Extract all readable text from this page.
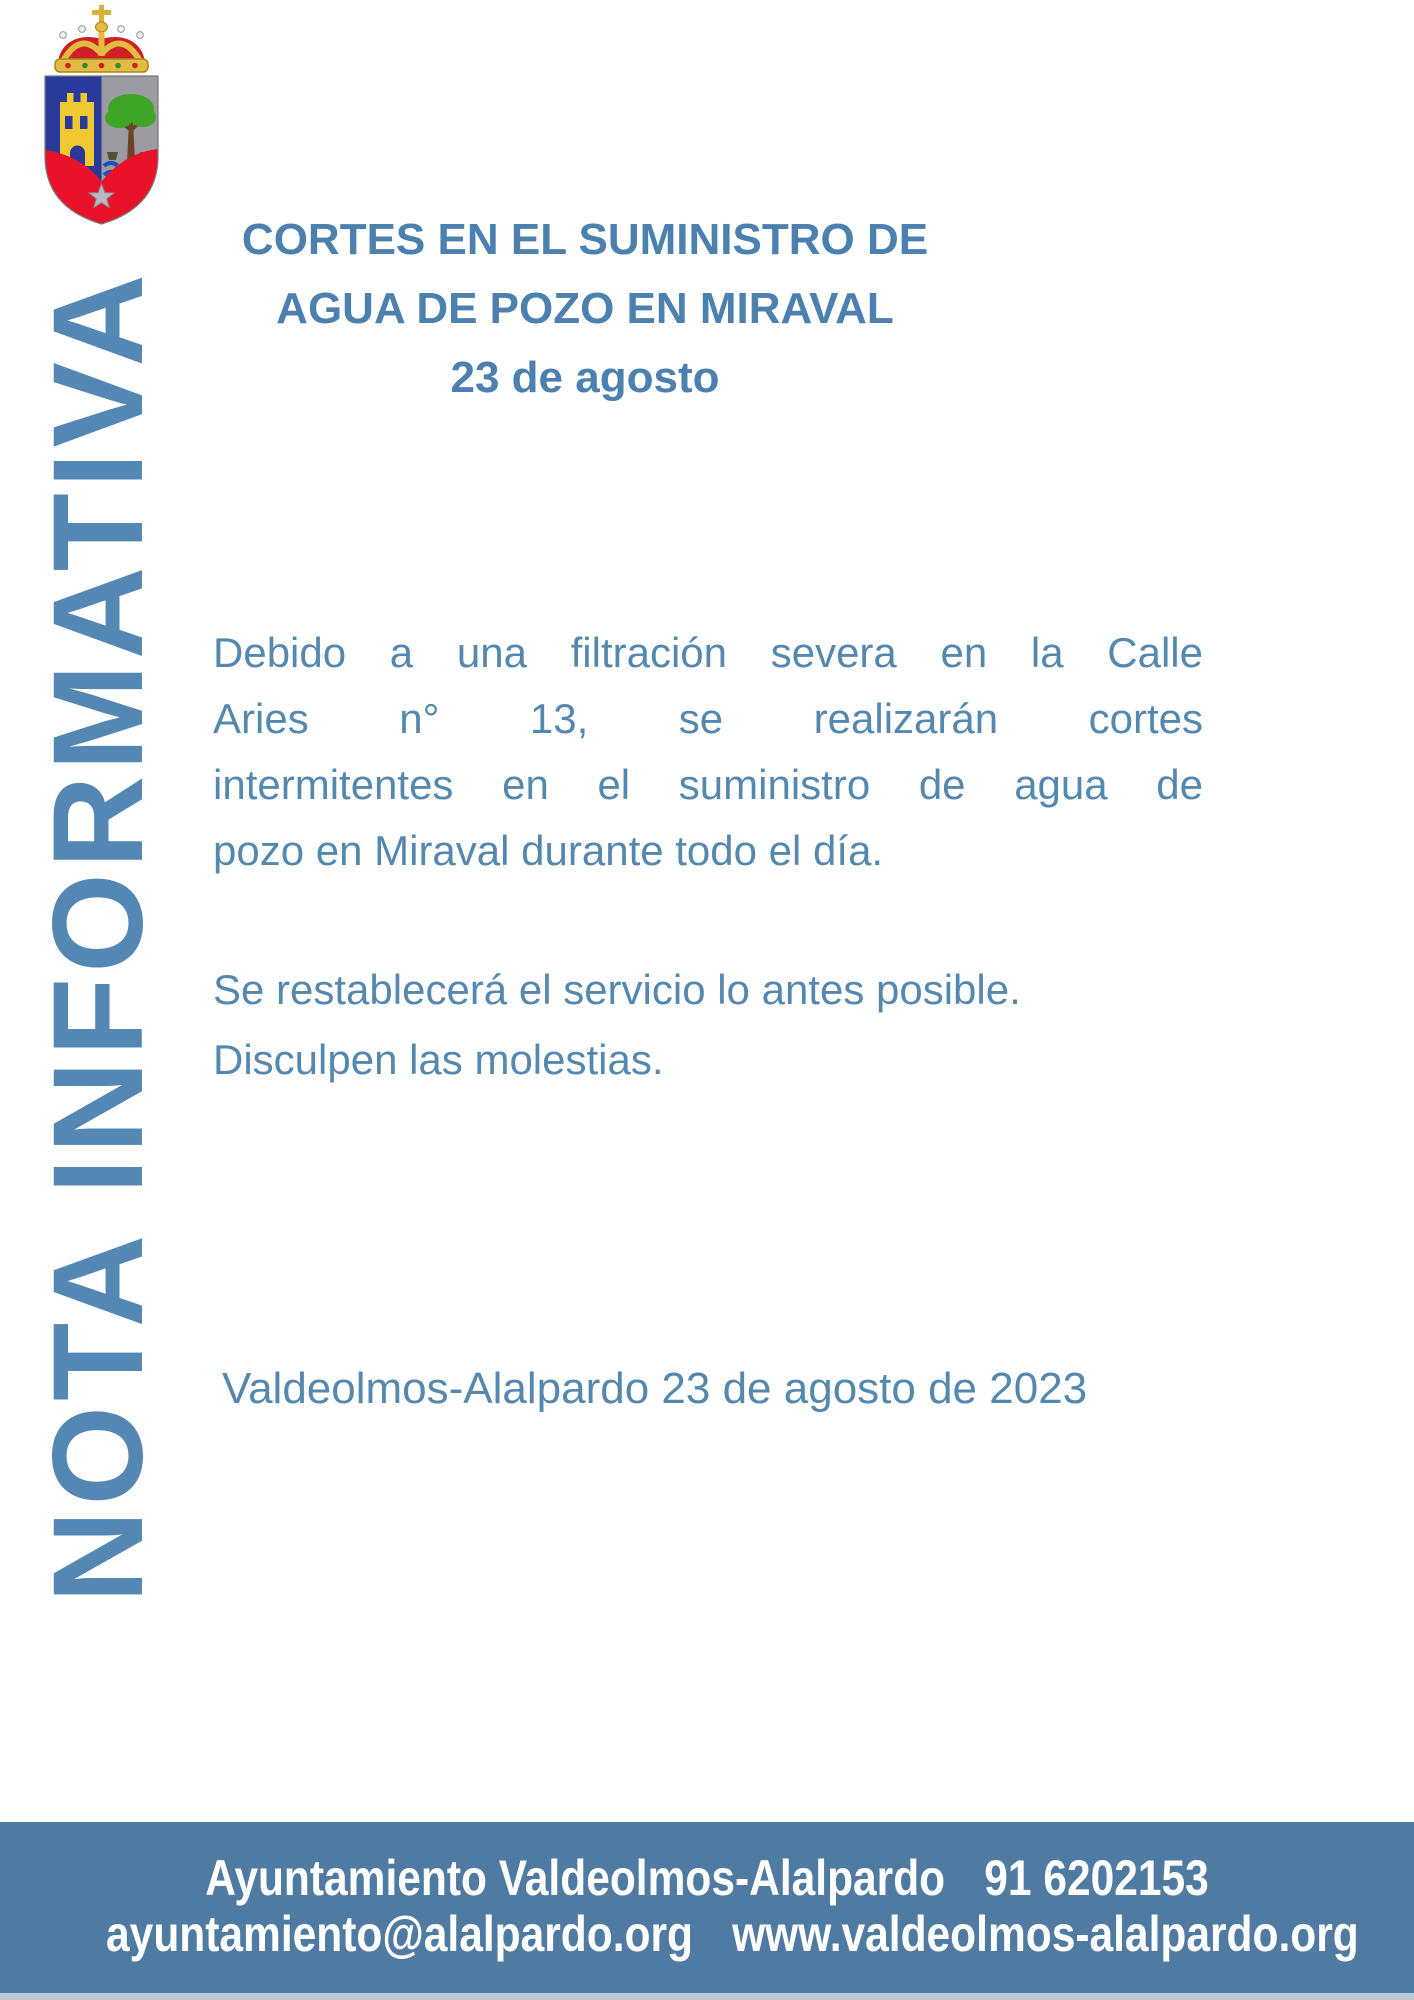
NOTA INFORMATIVA
CORTES EN EL SUMINISTRO DE
AGUA DE POZO EN MIRAVAL
23 de agosto
Debido a una filtración severa en la Calle
Aries n° 13, se realizarán cortes
intermitentes en el suministro de agua de
pozo en Miraval durante todo el día.
Se restablecerá el servicio lo antes posible.
Disculpen las molestias.
Valdeolmos-Alalpardo 23 de agosto de 2023
Ayuntamiento Valdeolmos-Alalpardo 91 6202153
ayuntamiento@alalpardo.org www.valdeolmos-alalpardo.org
